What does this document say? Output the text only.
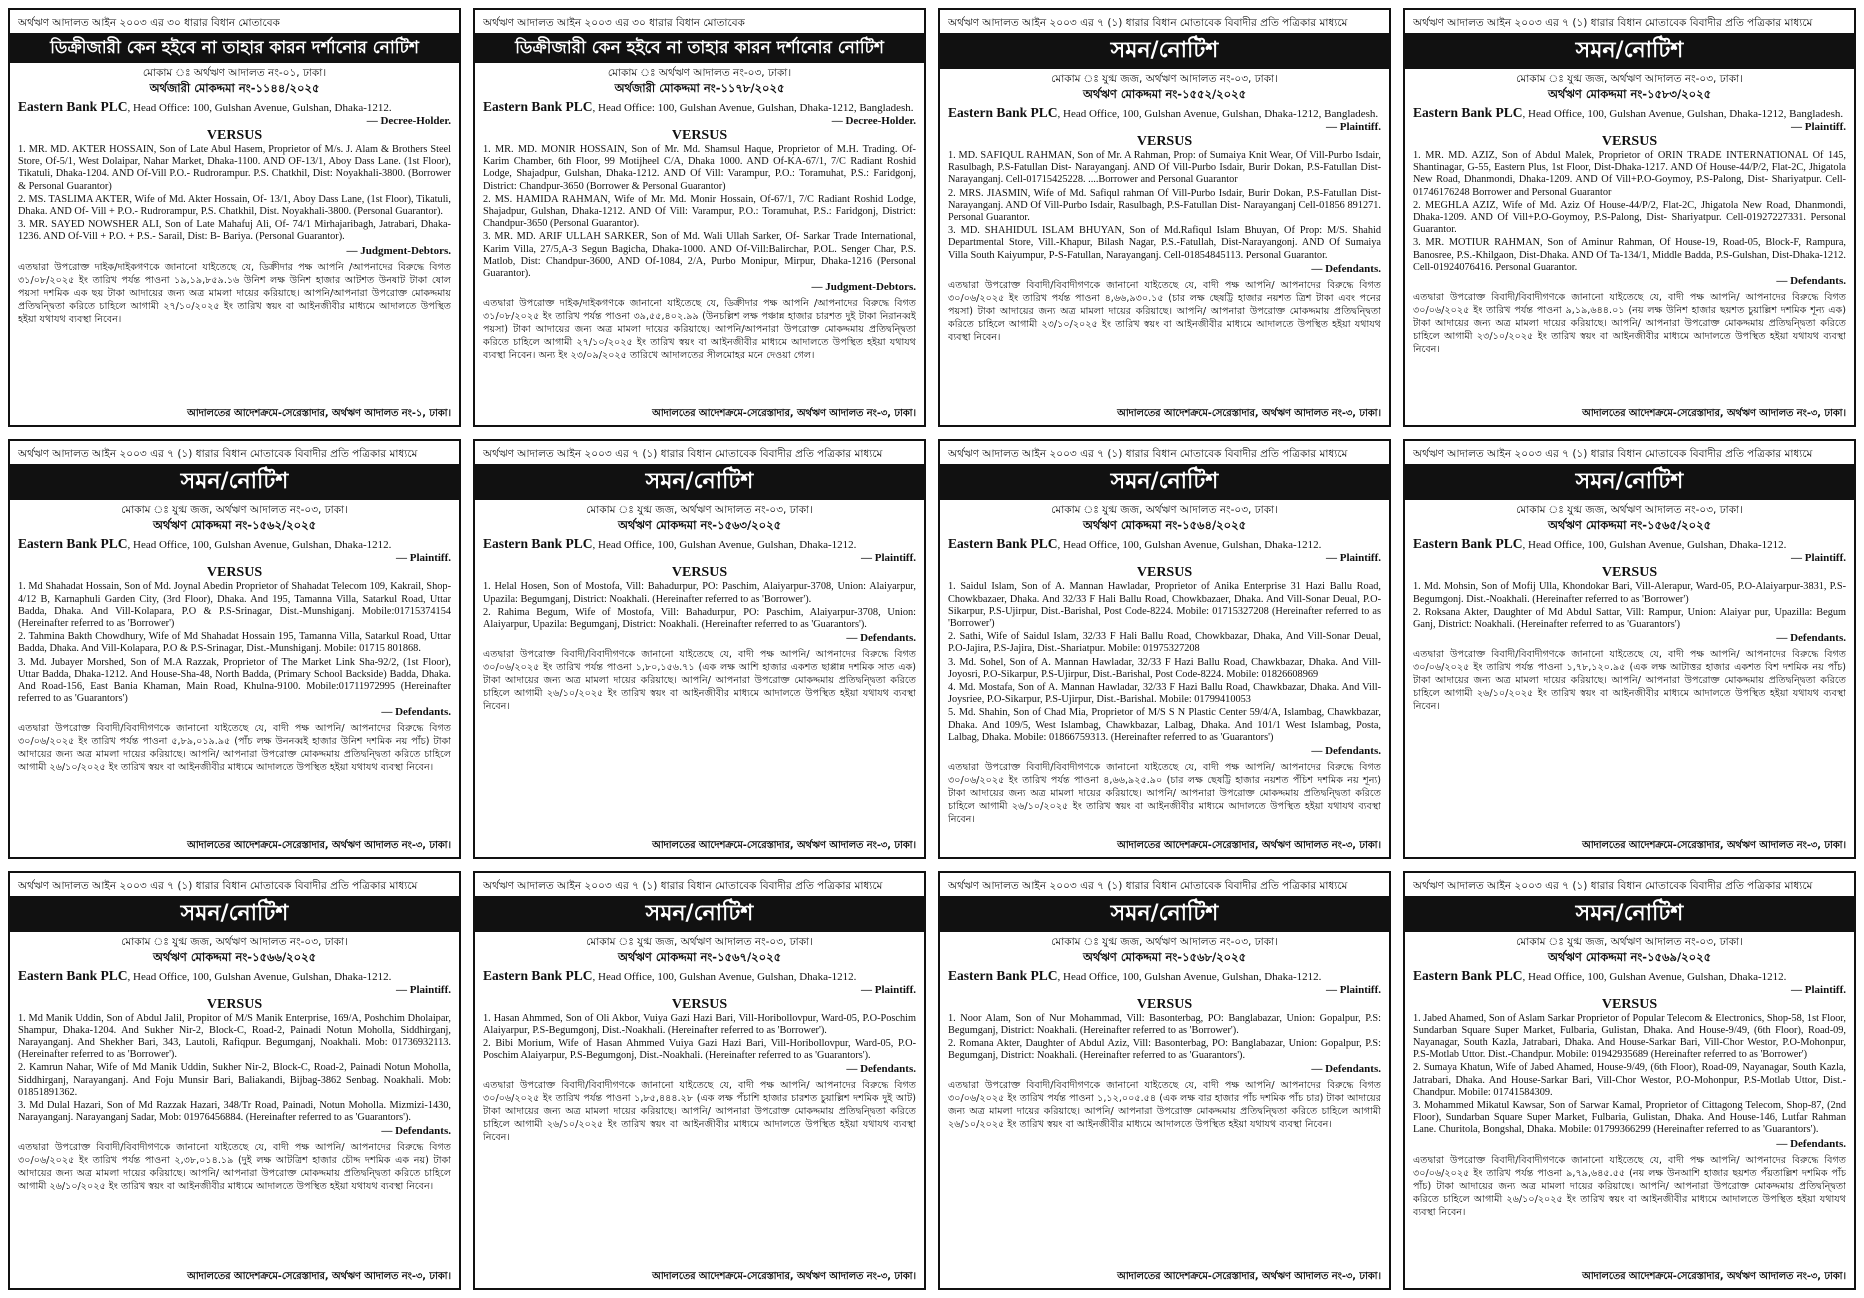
অর্থঋণ আদালত আইন ২০০৩ এর ৩০ ধারার বিধান মোতাবেক
ডিক্রীজারী কেন হইবে না তাহার কারন দর্শানোর নোটিশ
মোকাম ঃ অর্থঋণ আদালত নং-০১, ঢাকা।
অর্থজারী মোকদ্দমা নং-১১৪৪/২০২৫
Eastern Bank PLC, Head Office: 100, Gulshan Avenue, Gulshan, Dhaka-1212.
— Decree-Holder.
VERSUS

1. MR. MD. AKTER HOSSAIN, Son of Late Abul Hasem, Proprietor of M/s. J. Alam & Brothers Steel Store, Of-5/1, West Dolaipar, Nahar Market, Dhaka-1100. AND OF-13/1, Aboy Dass Lane. (1st Floor), Tikatuli, Dhaka-1204. AND Of-Vill P.O.- Rudrorampur. P.S. Chatkhil, Dist: Noyakhali-3800. (Borrower & Personal Guarantor)

2. MS. TASLIMA AKTER, Wife of Md. Akter Hossain, Of- 13/1, Aboy Dass Lane, (1st Floor), Tikatuli, Dhaka. AND Of- Vill + P.O.- Rudrorampur, P.S. Chatkhil, Dist. Noyakhali-3800. (Personal Guarantor).

3. MR. SAYED NOWSHER ALI, Son of Late Mahafuj Ali, Of- 74/1 Mirhajaribagh, Jatrabari, Dhaka-1236. AND Of-Vill + P.O. + P.S.- Sarail, Dist: B- Bariya. (Personal Guarantor).

— Judgment-Debtors.
এতদ্বারা উপরোক্ত দাইক/দাইকগণকে জানানো যাইতেছে যে, ডিক্রীদার পক্ষ আপনি /আপনাদের বিরুদ্ধে বিগত ৩১/০৮/২০২৫ ইং তারিখ পর্যন্ত পাওনা ১৯,১৯,৮৫৯.১৬ উনিশ লক্ষ উনিশ হাজার আটশত উনষাট টাকা ষোল পয়সা দশমিক এক ছয় টাকা আদায়ের জন্য অত্র মামলা দায়ের করিয়াছে। আপনি/আপনারা উপরোক্ত মোকদ্দমায় প্রতিদ্বন্দ্বিতা করিতে চাহিলে আগামী ২৭/১০/২০২৫ ইং তারিখ স্বয়ং বা আইনজীবীর মাধ্যমে আদালতে উপস্থিত হইয়া যথাযথ ব্যবস্থা নিবেন।
আদালতের আদেশক্রমে-সেরেস্তাদার, অর্থঋণ আদালত নং-১, ঢাকা।
অর্থঋণ আদালত আইন ২০০৩ এর ৩০ ধারার বিধান মোতাবেক
ডিক্রীজারী কেন হইবে না তাহার কারন দর্শানোর নোটিশ
মোকাম ঃ অর্থঋণ আদালত নং-০৩, ঢাকা।
অর্থজারী মোকদ্দমা নং-১১৭৮/২০২৫
Eastern Bank PLC, Head Office: 100, Gulshan Avenue, Gulshan, Dhaka-1212, Bangladesh.
— Decree-Holder.
VERSUS

1. MR. MD. MONIR HOSSAIN, Son of Mr. Md. Shamsul Haque, Proprietor of M.H. Trading. Of-Karim Chamber, 6th Floor, 99 Motijheel C/A, Dhaka 1000. AND Of-KA-67/1, 7/C Radiant Roshid Lodge, Shajadpur, Gulshan, Dhaka-1212. AND Of Vill: Varampur, P.O.: Toramuhat, P.S.: Faridgonj, District: Chandpur-3650 (Borrower & Personal Guarantor)

2. MS. HAMIDA RAHMAN, Wife of Mr. Md. Monir Hossain, Of-67/1, 7/C Radiant Roshid Lodge, Shajadpur, Gulshan, Dhaka-1212. AND Of Vill: Varampur, P.O.: Toramuhat, P.S.: Faridgonj, District: Chandpur-3650 (Personal Guarantor).

3. MR. MD. ARIF ULLAH SARKER, Son of Md. Wali Ullah Sarker, Of- Sarkar Trade International, Karim Villa, 27/5,A-3 Segun Bagicha, Dhaka-1000. AND Of-Vill:Balirchar, P.OL. Senger Char, P.S. Matlob, Dist: Chandpur-3600, AND Of-1084, 2/A, Purbo Monipur, Mirpur, Dhaka-1216 (Personal Guarantor).

— Judgment-Debtors.
এতদ্বারা উপরোক্ত দাইক/দাইকগণকে জানানো যাইতেছে যে, ডিক্রীদার পক্ষ আপনি /আপনাদের বিরুদ্ধে বিগত ৩১/০৮/২০২৫ ইং তারিখ পর্যন্ত পাওনা ৩৯,৫৫,৪০২.৯৯ (উনচল্লিশ লক্ষ পঞ্চান্ন হাজার চারশত দুই টাকা নিরানব্বই পয়সা) টাকা আদায়ের জন্য অত্র মামলা দায়ের করিয়াছে। আপনি/আপনারা উপরোক্ত মোকদ্দমায় প্রতিদ্বন্দ্বিতা করিতে চাহিলে আগামী ২৭/১০/২০২৫ ইং তারিখ স্বয়ং বা আইনজীবীর মাধ্যমে আদালতে উপস্থিত হইয়া যথাযথ ব্যবস্থা নিবেন। অন্য ইং ২৩/০৯/২০২৫ তারিখে আদালতের সীলমোহর মনে দেওয়া গেল।
আদালতের আদেশক্রমে-সেরেস্তাদার, অর্থঋণ আদালত নং-৩, ঢাকা।
অর্থঋণ আদালত আইন ২০০৩ এর ৭ (১) ধারার বিধান মোতাবেক বিবাদীর প্রতি পত্রিকার মাধ্যমে
সমন/নোটিশ
মোকাম ঃ যুগ্ম জজ, অর্থঋণ আদালত নং-০৩, ঢাকা।
অর্থঋণ মোকদ্দমা নং-১৫৫২/২০২৫
Eastern Bank PLC, Head Office, 100, Gulshan Avenue, Gulshan, Dhaka-1212, Bangladesh.
— Plaintiff.
VERSUS

1. MD. SAFIQUL RAHMAN, Son of Mr. A Rahman, Prop: of Sumaiya Knit Wear, Of Vill-Purbo Isdair, Rasulbagh, P.S-Fatullan Dist- Narayanganj. AND Of Vill-Purbo Isdair, Burir Dokan, P.S-Fatullan Dist- Narayanganj. Cell-01715425228. ....Borrower and Personal Guarantor

2. MRS. JIASMIN, Wife of Md. Safiqul rahman Of Vill-Purbo Isdair, Burir Dokan, P.S-Fatullan Dist- Narayanganj. AND Of Vill-Purbo Isdair, Rasulbagh, P.S-Fatullan Dist- Narayanganj Cell-01856 891271. Personal Guarantor.

3. MD. SHAHIDUL ISLAM BHUYAN, Son of Md.Rafiqul Islam Bhuyan, Of Prop: M/S. Shahid Departmental Store, Vill.-Khapur, Bilash Nagar, P.S.-Fatullah, Dist-Narayangonj. AND Of Sumaiya Villa South Kaiyumpur, P-S-Fatullan, Narayanganj. Cell-01854845113. Personal Guarantor.

— Defendants.
এতদ্বারা উপরোক্ত বিবাদী/বিবাদীগণকে জানানো যাইতেছে যে, বাদী পক্ষ আপনি/ আপনাদের বিরুদ্ধে বিগত ৩০/০৬/২০২৫ ইং তারিখ পর্যন্ত পাওনা ৪,৬৬,৯৩০.১৫ (চার লক্ষ ছেষট্টি হাজার নয়শত ত্রিশ টাকা এবং পনের পয়সা) টাকা আদায়ের জন্য অত্র মামলা দায়ের করিয়াছে। আপনি/ আপনারা উপরোক্ত মোকদ্দমায় প্রতিদ্বন্দ্বিতা করিতে চাহিলে আগামী ২৩/১০/২০২৫ ইং তারিখ স্বয়ং বা আইনজীবীর মাধ্যমে আদালতে উপস্থিত হইয়া যথাযথ ব্যবস্থা নিবেন।
আদালতের আদেশক্রমে-সেরেস্তাদার, অর্থঋণ আদালত নং-৩, ঢাকা।
অর্থঋণ আদালত আইন ২০০৩ এর ৭ (১) ধারার বিধান মোতাবেক বিবাদীর প্রতি পত্রিকার মাধ্যমে
সমন/নোটিশ
মোকাম ঃ যুগ্ম জজ, অর্থঋণ আদালত নং-০৩, ঢাকা।
অর্থঋণ মোকদ্দমা নং-১৫৮৩/২০২৫
Eastern Bank PLC, Head Office, 100, Gulshan Avenue, Gulshan, Dhaka-1212, Bangladesh.
— Plaintiff.
VERSUS

1. MR. MD. AZIZ, Son of Abdul Malek, Proprietor of ORIN TRADE INTERNATIONAL Of 145, Shantinagar, G-55, Eastern Plus, 1st Floor, Dist-Dhaka-1217. AND Of House-44/P/2, Flat-2C, Jhigatola New Road, Dhanmondi, Dhaka-1209. AND Of Vill+P.O-Goymoy, P.S-Palong, Dist- Shariyatpur. Cell-01746176248 Borrower and Personal Guarantor

2. MEGHLA AZIZ, Wife of Md. Aziz Of House-44/P/2, Flat-2C, Jhigatola New Road, Dhanmondi, Dhaka-1209. AND Of Vill+P.O-Goymoy, P.S-Palong, Dist- Shariyatpur. Cell-01927227331. Personal Guarantor.

3. MR. MOTIUR RAHMAN, Son of Aminur Rahman, Of House-19, Road-05, Block-F, Rampura, Banosree, P.S.-Khilgaon, Dist-Dhaka. AND Of Ta-134/1, Middle Badda, P.S-Gulshan, Dist-Dhaka-1212. Cell-01924076416. Personal Guarantor.

— Defendants.
এতদ্বারা উপরোক্ত বিবাদী/বিবাদীগণকে জানানো যাইতেছে যে, বাদী পক্ষ আপনি/ আপনাদের বিরুদ্ধে বিগত ৩০/০৬/২০২৫ ইং তারিখ পর্যন্ত পাওনা ৯,১৯,৬৪৪.০১ (নয় লক্ষ উনিশ হাজার ছয়শত চুয়াল্লিশ দশমিক শূন্য এক) টাকা আদায়ের জন্য অত্র মামলা দায়ের করিয়াছে। আপনি/ আপনারা উপরোক্ত মোকদ্দমায় প্রতিদ্বন্দ্বিতা করিতে চাহিলে আগামী ২৩/১০/২০২৫ ইং তারিখ স্বয়ং বা আইনজীবীর মাধ্যমে আদালতে উপস্থিত হইয়া যথাযথ ব্যবস্থা নিবেন।
আদালতের আদেশক্রমে-সেরেস্তাদার, অর্থঋণ আদালত নং-৩, ঢাকা।
অর্থঋণ আদালত আইন ২০০৩ এর ৭ (১) ধারার বিধান মোতাবেক বিবাদীর প্রতি পত্রিকার মাধ্যমে
সমন/নোটিশ
মোকাম ঃ যুগ্ম জজ, অর্থঋণ আদালত নং-০৩, ঢাকা।
অর্থঋণ মোকদ্দমা নং-১৫৬২/২০২৫
Eastern Bank PLC, Head Office, 100, Gulshan Avenue, Gulshan, Dhaka-1212.
— Plaintiff.
VERSUS

1. Md Shahadat Hossain, Son of Md. Joynal Abedin Proprietor of Shahadat Telecom 109, Kakrail, Shop-4/12 B, Karnaphuli Garden City, (3rd Floor), Dhaka. And 195, Tamanna Villa, Satarkul Road, Uttar Badda, Dhaka. And Vill-Kolapara, P.O & P.S-Srinagar, Dist.-Munshiganj. Mobile:01715374154 (Hereinafter referred to as 'Borrower')

2. Tahmina Bakth Chowdhury, Wife of Md Shahadat Hossain 195, Tamanna Villa, Satarkul Road, Uttar Badda, Dhaka. And Vill-Kolapara, P.O & P.S-Srinagar, Dist.-Munshiganj. Mobile: 01715 801868.

3. Md. Jubayer Morshed, Son of M.A Razzak, Proprietor of The Market Link Sha-92/2, (1st Floor), Uttar Badda, Dhaka-1212. And House-Sha-48, North Badda, (Primary School Backside) Badda, Dhaka. And Road-156, East Bania Khaman, Main Road, Khulna-9100. Mobile:01711972995 (Hereinafter referred to as 'Guarantors')

— Defendants.
এতদ্বারা উপরোক্ত বিবাদী/বিবাদীগণকে জানানো যাইতেছে যে, বাদী পক্ষ আপনি/ আপনাদের বিরুদ্ধে বিগত ৩০/০৬/২০২৫ ইং তারিখ পর্যন্ত পাওনা ৫,৮৯,০১৯.৯৫ (পাঁচ লক্ষ উননব্বই হাজার উনিশ দশমিক নয় পাঁচ) টাকা আদায়ের জন্য অত্র মামলা দায়ের করিয়াছে। আপনি/ আপনারা উপরোক্ত মোকদ্দমায় প্রতিদ্বন্দ্বিতা করিতে চাহিলে আগামী ২৬/১০/২০২৫ ইং তারিখ স্বয়ং বা আইনজীবীর মাধ্যমে আদালতে উপস্থিত হইয়া যথাযথ ব্যবস্থা নিবেন।
আদালতের আদেশক্রমে-সেরেস্তাদার, অর্থঋণ আদালত নং-৩, ঢাকা।
অর্থঋণ আদালত আইন ২০০৩ এর ৭ (১) ধারার বিধান মোতাবেক বিবাদীর প্রতি পত্রিকার মাধ্যমে
সমন/নোটিশ
মোকাম ঃ যুগ্ম জজ, অর্থঋণ আদালত নং-০৩, ঢাকা।
অর্থঋণ মোকদ্দমা নং-১৫৬৩/২০২৫
Eastern Bank PLC, Head Office, 100, Gulshan Avenue, Gulshan, Dhaka-1212.
— Plaintiff.
VERSUS

1. Helal Hosen, Son of Mostofa, Vill: Bahadurpur, PO: Paschim, Alaiyarpur-3708, Union: Alaiyarpur, Upazila: Begumganj, District: Noakhali. (Hereinafter referred to as 'Borrower').

2. Rahima Begum, Wife of Mostofa, Vill: Bahadurpur, PO: Paschim, Alaiyarpur-3708, Union: Alaiyarpur, Upazila: Begumganj, District: Noakhali. (Hereinafter referred to as 'Guarantors').

— Defendants.
এতদ্বারা উপরোক্ত বিবাদী/বিবাদীগণকে জানানো যাইতেছে যে, বাদী পক্ষ আপনি/ আপনাদের বিরুদ্ধে বিগত ৩০/০৬/২০২৫ ইং তারিখ পর্যন্ত পাওনা ১,৮০,১৫৬.৭১ (এক লক্ষ আশি হাজার একশত ছাপ্পান্ন দশমিক সাত এক) টাকা আদায়ের জন্য অত্র মামলা দায়ের করিয়াছে। আপনি/ আপনারা উপরোক্ত মোকদ্দমায় প্রতিদ্বন্দ্বিতা করিতে চাহিলে আগামী ২৬/১০/২০২৫ ইং তারিখ স্বয়ং বা আইনজীবীর মাধ্যমে আদালতে উপস্থিত হইয়া যথাযথ ব্যবস্থা নিবেন।
আদালতের আদেশক্রমে-সেরেস্তাদার, অর্থঋণ আদালত নং-৩, ঢাকা।
অর্থঋণ আদালত আইন ২০০৩ এর ৭ (১) ধারার বিধান মোতাবেক বিবাদীর প্রতি পত্রিকার মাধ্যমে
সমন/নোটিশ
মোকাম ঃ যুগ্ম জজ, অর্থঋণ আদালত নং-০৩, ঢাকা।
অর্থঋণ মোকদ্দমা নং-১৫৬৪/২০২৫
Eastern Bank PLC, Head Office, 100, Gulshan Avenue, Gulshan, Dhaka-1212.
— Plaintiff.
VERSUS

1. Saidul Islam, Son of A. Mannan Hawladar, Proprietor of Anika Enterprise 31 Hazi Ballu Road, Chowkbazaer, Dhaka. And 32/33 F Hali Ballu Road, Chowkbazaer, Dhaka. And Vill-Sonar Deual, P.O-Sikarpur, P.S-Ujirpur, Dist.-Barishal, Post Code-8224. Mobile: 01715327208 (Hereinafter referred to as 'Borrower')

2. Sathi, Wife of Saidul Islam, 32/33 F Hali Ballu Road, Chowkbazar, Dhaka, And Vill-Sonar Deual, P.O-Jajira, P.S-Jajira, Dist.-Shariatpur. Mobile: 01975327208

3. Md. Sohel, Son of A. Mannan Hawladar, 32/33 F Hazi Ballu Road, Chawkbazar, Dhaka. And Vill-Joyosri, P.O-Sikarpur, P.S-Ujirpur, Dist.-Barishal, Post Code-8224. Mobile: 01826608969

4. Md. Mostafa, Son of A. Mannan Hawladar, 32/33 F Hazi Ballu Road, Chawkbazar, Dhaka. And Vill-Joysriee, P.O-Sikarpur, P.S-Ujirpur, Dist.-Barishal. Mobile: 01799410053

5. Md. Shahin, Son of Chad Mia, Proprietor of M/S S N Plastic Center 59/4/A, Islambag, Chawkbazar, Dhaka. And 109/5, West Islambag, Chawkbazar, Lalbag, Dhaka. And 101/1 West Islambag, Posta, Lalbag, Dhaka. Mobile: 01866759313. (Hereinafter referred to as 'Guarantors')

— Defendants.
এতদ্বারা উপরোক্ত বিবাদী/বিবাদীগণকে জানানো যাইতেছে যে, বাদী পক্ষ আপনি/ আপনাদের বিরুদ্ধে বিগত ৩০/০৬/২০২৫ ইং তারিখ পর্যন্ত পাওনা ৪,৬৬,৯২৫.৯০ (চার লক্ষ ছেষট্টি হাজার নয়শত পঁচিশ দশমিক নয় শূন্য) টাকা আদায়ের জন্য অত্র মামলা দায়ের করিয়াছে। আপনি/ আপনারা উপরোক্ত মোকদ্দমায় প্রতিদ্বন্দ্বিতা করিতে চাহিলে আগামী ২৬/১০/২০২৫ ইং তারিখ স্বয়ং বা আইনজীবীর মাধ্যমে আদালতে উপস্থিত হইয়া যথাযথ ব্যবস্থা নিবেন।
আদালতের আদেশক্রমে-সেরেস্তাদার, অর্থঋণ আদালত নং-৩, ঢাকা।
অর্থঋণ আদালত আইন ২০০৩ এর ৭ (১) ধারার বিধান মোতাবেক বিবাদীর প্রতি পত্রিকার মাধ্যমে
সমন/নোটিশ
মোকাম ঃ যুগ্ম জজ, অর্থঋণ আদালত নং-০৩, ঢাকা।
অর্থঋণ মোকদ্দমা নং-১৫৬৫/২০২৫
Eastern Bank PLC, Head Office, 100, Gulshan Avenue, Gulshan, Dhaka-1212.
— Plaintiff.
VERSUS

1. Md. Mohsin, Son of Mofij Ulla, Khondokar Bari, Vill-Alerapur, Ward-05, P.O-Alaiyarpur-3831, P.S-Begumgonj. Dist.-Noakhali. (Hereinafter referred to as 'Borrower')

2. Roksana Akter, Daughter of Md Abdul Sattar, Vill: Rampur, Union: Alaiyar pur, Upazilla: Begum Ganj, District: Noakhali. (Hereinafter referred to as 'Guarantors')

— Defendants.
এতদ্বারা উপরোক্ত বিবাদী/বিবাদীগণকে জানানো যাইতেছে যে, বাদী পক্ষ আপনি/ আপনাদের বিরুদ্ধে বিগত ৩০/০৬/২০২৫ ইং তারিখ পর্যন্ত পাওনা ১,৭৮,১২০.৯৫ (এক লক্ষ আটাত্তর হাজার একশত বিশ দশমিক নয় পাঁচ) টাকা আদায়ের জন্য অত্র মামলা দায়ের করিয়াছে। আপনি/ আপনারা উপরোক্ত মোকদ্দমায় প্রতিদ্বন্দ্বিতা করিতে চাহিলে আগামী ২৬/১০/২০২৫ ইং তারিখ স্বয়ং বা আইনজীবীর মাধ্যমে আদালতে উপস্থিত হইয়া যথাযথ ব্যবস্থা নিবেন।
আদালতের আদেশক্রমে-সেরেস্তাদার, অর্থঋণ আদালত নং-৩, ঢাকা।
অর্থঋণ আদালত আইন ২০০৩ এর ৭ (১) ধারার বিধান মোতাবেক বিবাদীর প্রতি পত্রিকার মাধ্যমে
সমন/নোটিশ
মোকাম ঃ যুগ্ম জজ, অর্থঋণ আদালত নং-০৩, ঢাকা।
অর্থঋণ মোকদ্দমা নং-১৫৬৬/২০২৫
Eastern Bank PLC, Head Office, 100, Gulshan Avenue, Gulshan, Dhaka-1212.
— Plaintiff.
VERSUS

1. Md Manik Uddin, Son of Abdul Jalil, Propitor of M/S Manik Enterprise, 169/A, Poshchim Dholaipar, Shampur, Dhaka-1204. And Sukher Nir-2, Block-C, Road-2, Painadi Notun Moholla, Siddhirganj, Narayanganj. And Shekher Bari, 343, Lautoli, Rafiqpur. Begumganj, Noakhali. Mob: 01736932113. (Hereinafter referred to as 'Borrower').

2. Kamrun Nahar, Wife of Md Manik Uddin, Sukher Nir-2, Block-C, Road-2, Painadi Notun Moholla, Siddhirganj, Narayanganj. And Foju Munsir Bari, Baliakandi, Bijbag-3862 Senbag. Noakhali. Mob: 01851891362.

3. Md Dulal Hazari, Son of Md Razzak Hazari, 348/Tr Road, Painadi, Notun Moholla. Mizmizi-1430, Narayanganj. Narayanganj Sadar, Mob: 01976456884. (Hereinafter referred to as 'Guarantors').

— Defendants.
এতদ্বারা উপরোক্ত বিবাদী/বিবাদীগণকে জানানো যাইতেছে যে, বাদী পক্ষ আপনি/ আপনাদের বিরুদ্ধে বিগত ৩০/০৬/২০২৫ ইং তারিখ পর্যন্ত পাওনা ২,৩৮,০১৪.১৯ (দুই লক্ষ আটত্রিশ হাজার চৌদ্দ দশমিক এক নয়) টাকা আদায়ের জন্য অত্র মামলা দায়ের করিয়াছে। আপনি/ আপনারা উপরোক্ত মোকদ্দমায় প্রতিদ্বন্দ্বিতা করিতে চাহিলে আগামী ২৬/১০/২০২৫ ইং তারিখ স্বয়ং বা আইনজীবীর মাধ্যমে আদালতে উপস্থিত হইয়া যথাযথ ব্যবস্থা নিবেন।
আদালতের আদেশক্রমে-সেরেস্তাদার, অর্থঋণ আদালত নং-৩, ঢাকা।
অর্থঋণ আদালত আইন ২০০৩ এর ৭ (১) ধারার বিধান মোতাবেক বিবাদীর প্রতি পত্রিকার মাধ্যমে
সমন/নোটিশ
মোকাম ঃ যুগ্ম জজ, অর্থঋণ আদালত নং-০৩, ঢাকা।
অর্থঋণ মোকদ্দমা নং-১৫৬৭/২০২৫
Eastern Bank PLC, Head Office, 100, Gulshan Avenue, Gulshan, Dhaka-1212.
— Plaintiff.
VERSUS

1. Hasan Ahmmed, Son of Oli Akbor, Vuiya Gazi Hazi Bari, Vill-Horibollovpur, Ward-05, P.O-Poschim Alaiyarpur, P.S-Begumgonj, Dist.-Noakhali. (Hereinafter referred to as 'Borrower').

2. Bibi Morium, Wife of Hasan Ahmmed Vuiya Gazi Hazi Bari, Vill-Horibollovpur, Ward-05, P.O-Poschim Alaiyarpur, P.S-Begumgonj, Dist.-Noakhali. (Hereinafter referred to as 'Guarantors').

— Defendants.
এতদ্বারা উপরোক্ত বিবাদী/বিবাদীগণকে জানানো যাইতেছে যে, বাদী পক্ষ আপনি/ আপনাদের বিরুদ্ধে বিগত ৩০/০৬/২০২৫ ইং তারিখ পর্যন্ত পাওনা ১,৮৫,৪৪৪.২৮ (এক লক্ষ পঁচাশি হাজার চারশত চুয়াল্লিশ দশমিক দুই আট) টাকা আদায়ের জন্য অত্র মামলা দায়ের করিয়াছে। আপনি/ আপনারা উপরোক্ত মোকদ্দমায় প্রতিদ্বন্দ্বিতা করিতে চাহিলে আগামী ২৬/১০/২০২৫ ইং তারিখ স্বয়ং বা আইনজীবীর মাধ্যমে আদালতে উপস্থিত হইয়া যথাযথ ব্যবস্থা নিবেন।
আদালতের আদেশক্রমে-সেরেস্তাদার, অর্থঋণ আদালত নং-৩, ঢাকা।
অর্থঋণ আদালত আইন ২০০৩ এর ৭ (১) ধারার বিধান মোতাবেক বিবাদীর প্রতি পত্রিকার মাধ্যমে
সমন/নোটিশ
মোকাম ঃ যুগ্ম জজ, অর্থঋণ আদালত নং-০৩, ঢাকা।
অর্থঋণ মোকদ্দমা নং-১৫৬৮/২০২৫
Eastern Bank PLC, Head Office, 100, Gulshan Avenue, Gulshan, Dhaka-1212.
— Plaintiff.
VERSUS

1. Noor Alam, Son of Nur Mohammad, Vill: Basonterbag, PO: Banglabazar, Union: Gopalpur, P.S: Begumganj, District: Noakhali. (Hereinafter referred to as 'Borrower').

2. Romana Akter, Daughter of Abdul Aziz, Vill: Basonterbag, PO: Banglabazar, Union: Gopalpur, P.S: Begumganj, District: Noakhali. (Hereinafter referred to as 'Guarantors').

— Defendants.
এতদ্বারা উপরোক্ত বিবাদী/বিবাদীগণকে জানানো যাইতেছে যে, বাদী পক্ষ আপনি/ আপনাদের বিরুদ্ধে বিগত ৩০/০৬/২০২৫ ইং তারিখ পর্যন্ত পাওনা ১,১২,০০৫.৫৪ (এক লক্ষ বার হাজার পাঁচ দশমিক পাঁচ চার) টাকা আদায়ের জন্য অত্র মামলা দায়ের করিয়াছে। আপনি/ আপনারা উপরোক্ত মোকদ্দমায় প্রতিদ্বন্দ্বিতা করিতে চাহিলে আগামী ২৬/১০/২০২৫ ইং তারিখ স্বয়ং বা আইনজীবীর মাধ্যমে আদালতে উপস্থিত হইয়া যথাযথ ব্যবস্থা নিবেন।
আদালতের আদেশক্রমে-সেরেস্তাদার, অর্থঋণ আদালত নং-৩, ঢাকা।
অর্থঋণ আদালত আইন ২০০৩ এর ৭ (১) ধারার বিধান মোতাবেক বিবাদীর প্রতি পত্রিকার মাধ্যমে
সমন/নোটিশ
মোকাম ঃ যুগ্ম জজ, অর্থঋণ আদালত নং-০৩, ঢাকা।
অর্থঋণ মোকদ্দমা নং-১৫৬৯/২০২৫
Eastern Bank PLC, Head Office, 100, Gulshan Avenue, Gulshan, Dhaka-1212.
— Plaintiff.
VERSUS

1. Jabed Ahamed, Son of Aslam Sarkar Proprietor of Popular Telecom & Electronics, Shop-58, 1st Floor, Sundarban Square Super Market, Fulbaria, Gulistan, Dhaka. And House-9/49, (6th Floor), Road-09, Nayanagar, South Kazla, Jatrabari, Dhaka. And House-Sarkar Bari, Vill-Chor Westor, P.O-Mohonpur, P.S-Motlab Uttor. Dist.-Chandpur. Mobile: 01942935689 (Hereinafter referred to as 'Borrower')

2. Sumaya Khatun, Wife of Jabed Ahamed, House-9/49, (6th Floor), Road-09, Nayanagar, South Kazla, Jatrabari, Dhaka. And House-Sarkar Bari, Vill-Chor Westor, P.O-Mohonpur, P.S-Motlab Uttor, Dist.-Chandpur. Mobile: 01741584309.

3. Mohammed Mikatul Kawsar, Son of Sarwar Kamal, Proprietor of Cittagong Telecom, Shop-87, (2nd Floor), Sundarban Square Super Market, Fulbaria, Gulistan, Dhaka. And House-146, Lutfar Rahman Lane. Churitola, Bongshal, Dhaka. Mobile: 01799366299 (Hereinafter referred to as 'Guarantors').

— Defendants.
এতদ্বারা উপরোক্ত বিবাদী/বিবাদীগণকে জানানো যাইতেছে যে, বাদী পক্ষ আপনি/ আপনাদের বিরুদ্ধে বিগত ৩০/০৬/২০২৫ ইং তারিখ পর্যন্ত পাওনা ৯,৭৯,৬৪৫.৫৫ (নয় লক্ষ উনআশি হাজার ছয়শত পঁয়তাল্লিশ দশমিক পাঁচ পাঁচ) টাকা আদায়ের জন্য অত্র মামলা দায়ের করিয়াছে। আপনি/ আপনারা উপরোক্ত মোকদ্দমায় প্রতিদ্বন্দ্বিতা করিতে চাহিলে আগামী ২৬/১০/২০২৫ ইং তারিখ স্বয়ং বা আইনজীবীর মাধ্যমে আদালতে উপস্থিত হইয়া যথাযথ ব্যবস্থা নিবেন।
আদালতের আদেশক্রমে-সেরেস্তাদার, অর্থঋণ আদালত নং-৩, ঢাকা।
